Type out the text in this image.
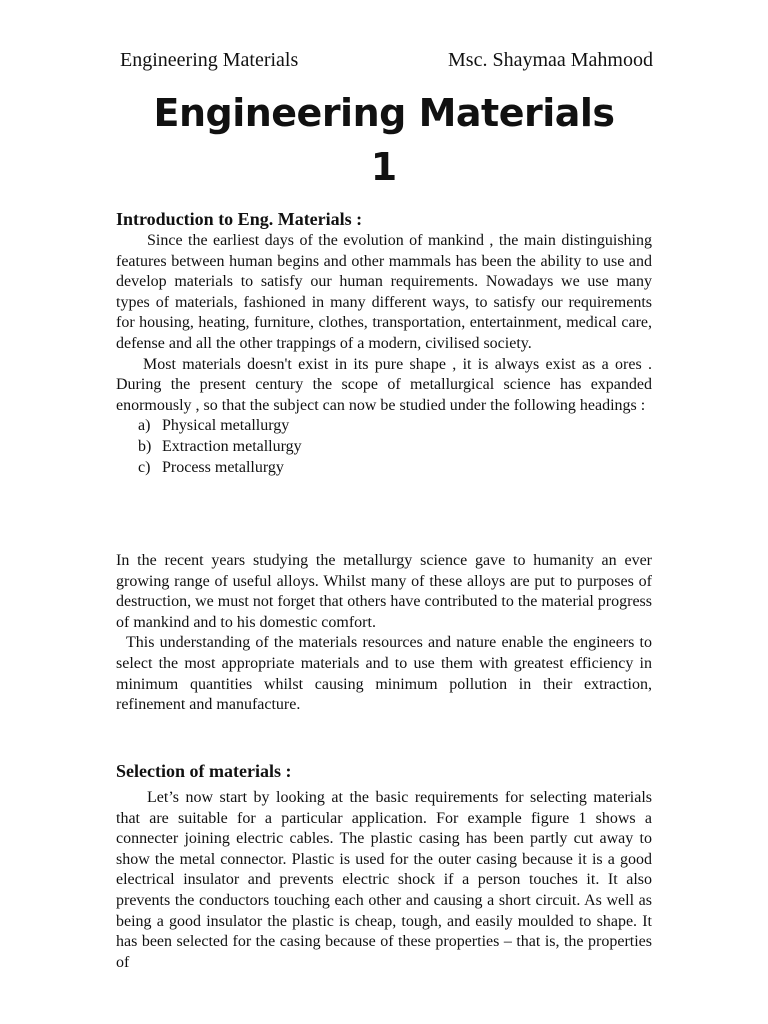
Engineering Materials	Msc. Shaymaa Mahmood
Engineering Materials
1
Introduction to Eng. Materials :

Since the earliest days of the evolution of mankind , the main distinguishing features between human begins and other mammals has been the ability to use and develop materials to satisfy our human requirements. Nowadays we use many types of materials, fashioned in many different ways, to satisfy our requirements for housing, heating, furniture, clothes, transportation, entertainment, medical care, defense and all the other trappings of a modern, civilised society.

Most materials doesn't exist in its pure shape , it is always exist as a ores . During the present century the scope of metallurgical science has expanded enormously , so that the subject can now be studied under the following headings :

a) Physical metallurgy
b) Extraction metallurgy
c) Process metallurgy

In the recent years studying the metallurgy science gave to humanity an ever growing range of useful alloys. Whilst many of these alloys are put to purposes of destruction, we must not forget that others have contributed to the material progress of mankind and to his domestic comfort.

This understanding of the materials resources and nature enable the engineers to select the most appropriate materials and to use them with greatest efficiency in minimum quantities whilst causing minimum pollution in their extraction, refinement and manufacture.

Selection of materials :

Let’s now start by looking at the basic requirements for selecting materials that are suitable for a particular application. For example figure 1 shows a connecter joining electric cables. The plastic casing has been partly cut away to show the metal connector. Plastic is used for the outer casing because it is a good electrical insulator and prevents electric shock if a person touches it. It also prevents the conductors touching each other and causing a short circuit. As well as being a good insulator the plastic is cheap, tough, and easily moulded to shape. It has been selected for the casing because of these properties – that is, the properties of
